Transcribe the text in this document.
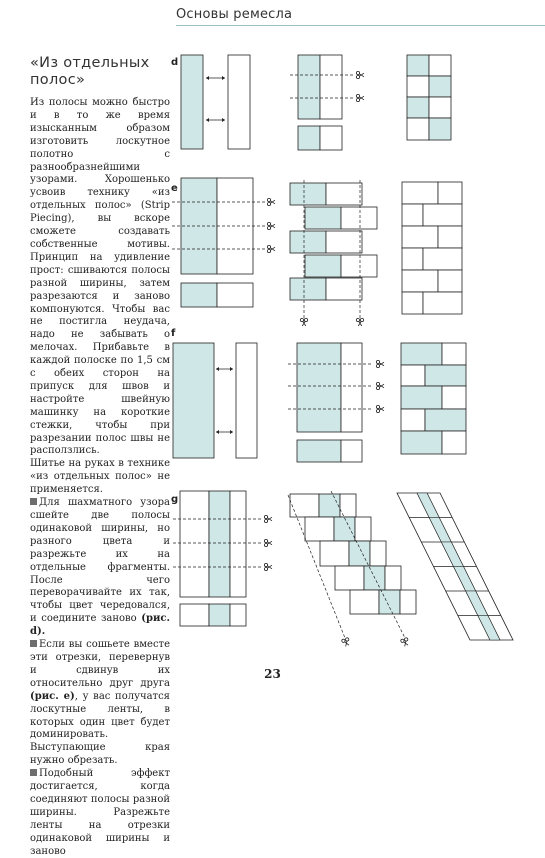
Основы ремесла
«Из отдельных полос»

Из полосы можно быстро и в то же время изысканным образом изготовить лоскутное полотно с разнообразнейшими узорами. Хорошенько усвоив технику «из отдельных полос» (Strip Piecing), вы вскоре сможете создавать собственные мотивы. Принцип на удивление прост: сшиваются полосы разной ширины, затем разрезаются и заново компонуются. Чтобы вас не постигла неудача, надо не забывать о мелочах. Прибавьте в каждой полоске по 1,5 см с обеих сторон на припуск для швов и настройте швейную машинку на короткие стежки, чтобы при разрезании полос швы не расползлись.

Шитье на руках в технике «из отдельных полос» не применяется.

Для шахматного узора сшейте две полосы одинаковой ширины, но разного цвета и разрежьте их на отдельные фрагменты. После чего переворачивайте их так, чтобы цвет чередовался, и соедините заново (рис. d).

Если вы сошьете вместе эти отрезки, перевернув и сдвинув их относительно друг друга (рис. e), у вас получатся лоскутные ленты, в которых один цвет будет доминировать. Выступающие края нужно обрезать.

Подобный эффект достигается, когда соединяют полосы разной ширины. Разрежьте ленты на отрезки одинаковой ширины и заново

d
e
f
g
23
